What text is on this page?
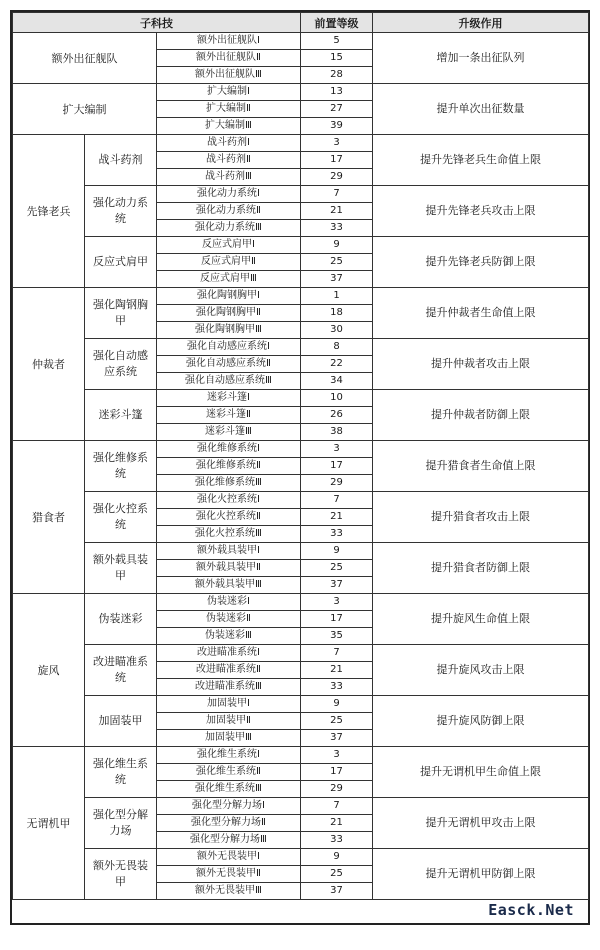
子科技			前置等级	升级作用
额外出征舰队		额外出征舰队Ⅰ	5	增加一条出征队列
		额外出征舰队Ⅱ	15	
		额外出征舰队Ⅲ	28	
扩大编制		扩大编制Ⅰ	13	提升单次出征数量
		扩大编制Ⅱ	27	
		扩大编制Ⅲ	39	
先锋老兵	战斗药剂	战斗药剂Ⅰ	3	提升先锋老兵生命值上限
		战斗药剂Ⅱ	17	
		战斗药剂Ⅲ	29	
	强化动力系统	强化动力系统Ⅰ	7	提升先锋老兵攻击上限
		强化动力系统Ⅱ	21	
		强化动力系统Ⅲ	33	
	反应式肩甲	反应式肩甲Ⅰ	9	提升先锋老兵防御上限
		反应式肩甲Ⅱ	25	
		反应式肩甲Ⅲ	37	
仲裁者	强化陶钢胸甲	强化陶钢胸甲Ⅰ	1	提升仲裁者生命值上限
		强化陶钢胸甲Ⅱ	18	
		强化陶钢胸甲Ⅲ	30	
	强化自动感应系统	强化自动感应系统Ⅰ	8	提升仲裁者攻击上限
		强化自动感应系统Ⅱ	22	
		强化自动感应系统Ⅲ	34	
	迷彩斗篷	迷彩斗篷Ⅰ	10	提升仲裁者防御上限
		迷彩斗篷Ⅱ	26	
		迷彩斗篷Ⅲ	38	
猎食者	强化维修系统	强化维修系统Ⅰ	3	提升猎食者生命值上限
		强化维修系统Ⅱ	17	
		强化维修系统Ⅲ	29	
	强化火控系统	强化火控系统Ⅰ	7	提升猎食者攻击上限
		强化火控系统Ⅱ	21	
		强化火控系统Ⅲ	33	
	额外载具装甲	额外载具装甲Ⅰ	9	提升猎食者防御上限
		额外载具装甲Ⅱ	25	
		额外载具装甲Ⅲ	37	
旋风	伪装迷彩	伪装迷彩Ⅰ	3	提升旋风生命值上限
		伪装迷彩Ⅱ	17	
		伪装迷彩Ⅲ	35	
	改进瞄准系统	改进瞄准系统Ⅰ	7	提升旋风攻击上限
		改进瞄准系统Ⅱ	21	
		改进瞄准系统Ⅲ	33	
	加固装甲	加固装甲Ⅰ	9	提升旋风防御上限
		加固装甲Ⅱ	25	
		加固装甲Ⅲ	37	
无谓机甲	强化维生系统	强化维生系统Ⅰ	3	提升无谓机甲生命值上限
		强化维生系统Ⅱ	17	
		强化维生系统Ⅲ	29	
	强化型分解力场	强化型分解力场Ⅰ	7	提升无谓机甲攻击上限
		强化型分解力场Ⅱ	21	
		强化型分解力场Ⅲ	33	
	额外无畏装甲	额外无畏装甲Ⅰ	9	提升无谓机甲防御上限
		额外无畏装甲Ⅱ	25	
		额外无畏装甲Ⅲ	37	
Easck.Net
